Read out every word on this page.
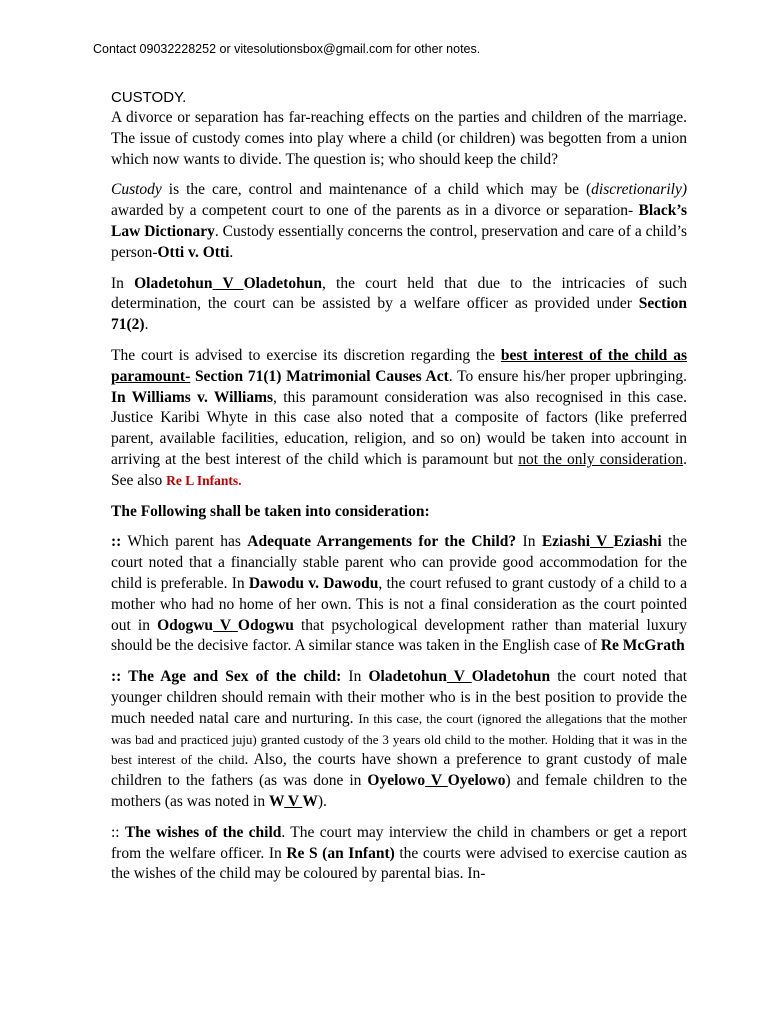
Contact 09032228252 or vitesolutionsbox@gmail.com for other notes.
CUSTODY.

A divorce or separation has far-reaching effects on the parties and children of the marriage. The issue of custody comes into play where a child (or children) was begotten from a union which now wants to divide. The question is; who should keep the child?

Custody is the care, control and maintenance of a child which may be (discretionarily) awarded by a competent court to one of the parents as in a divorce or separation- Black’s Law Dictionary. Custody essentially concerns the control, preservation and care of a child’s person-Otti v. Otti.

In Oladetohun V Oladetohun, the court held that due to the intricacies of such determination, the court can be assisted by a welfare officer as provided under Section 71(2).

The court is advised to exercise its discretion regarding the best interest of the child as paramount- Section 71(1) Matrimonial Causes Act. To ensure his/her proper upbringing. In Williams v. Williams, this paramount consideration was also recognised in this case. Justice Karibi Whyte in this case also noted that a composite of factors (like preferred parent, available facilities, education, religion, and so on) would be taken into account in arriving at the best interest of the child which is paramount but not the only consideration. See also Re L Infants.

The Following shall be taken into consideration:

:: Which parent has Adequate Arrangements for the Child? In Eziashi V Eziashi the court noted that a financially stable parent who can provide good accommodation for the child is preferable. In Dawodu v. Dawodu, the court refused to grant custody of a child to a mother who had no home of her own. This is not a final consideration as the court pointed out in Odogwu V Odogwu that psychological development rather than material luxury should be the decisive factor. A similar stance was taken in the English case of Re McGrath

:: The Age and Sex of the child: In Oladetohun V Oladetohun the court noted that younger children should remain with their mother who is in the best position to provide the much needed natal care and nurturing. In this case, the court (ignored the allegations that the mother was bad and practiced juju) granted custody of the 3 years old child to the mother. Holding that it was in the best interest of the child. Also, the courts have shown a preference to grant custody of male children to the fathers (as was done in Oyelowo V Oyelowo) and female children to the mothers (as was noted in W V W).

:: The wishes of the child. The court may interview the child in chambers or get a report from the welfare officer. In Re S (an Infant) the courts were advised to exercise caution as the wishes of the child may be coloured by parental bias. In-
